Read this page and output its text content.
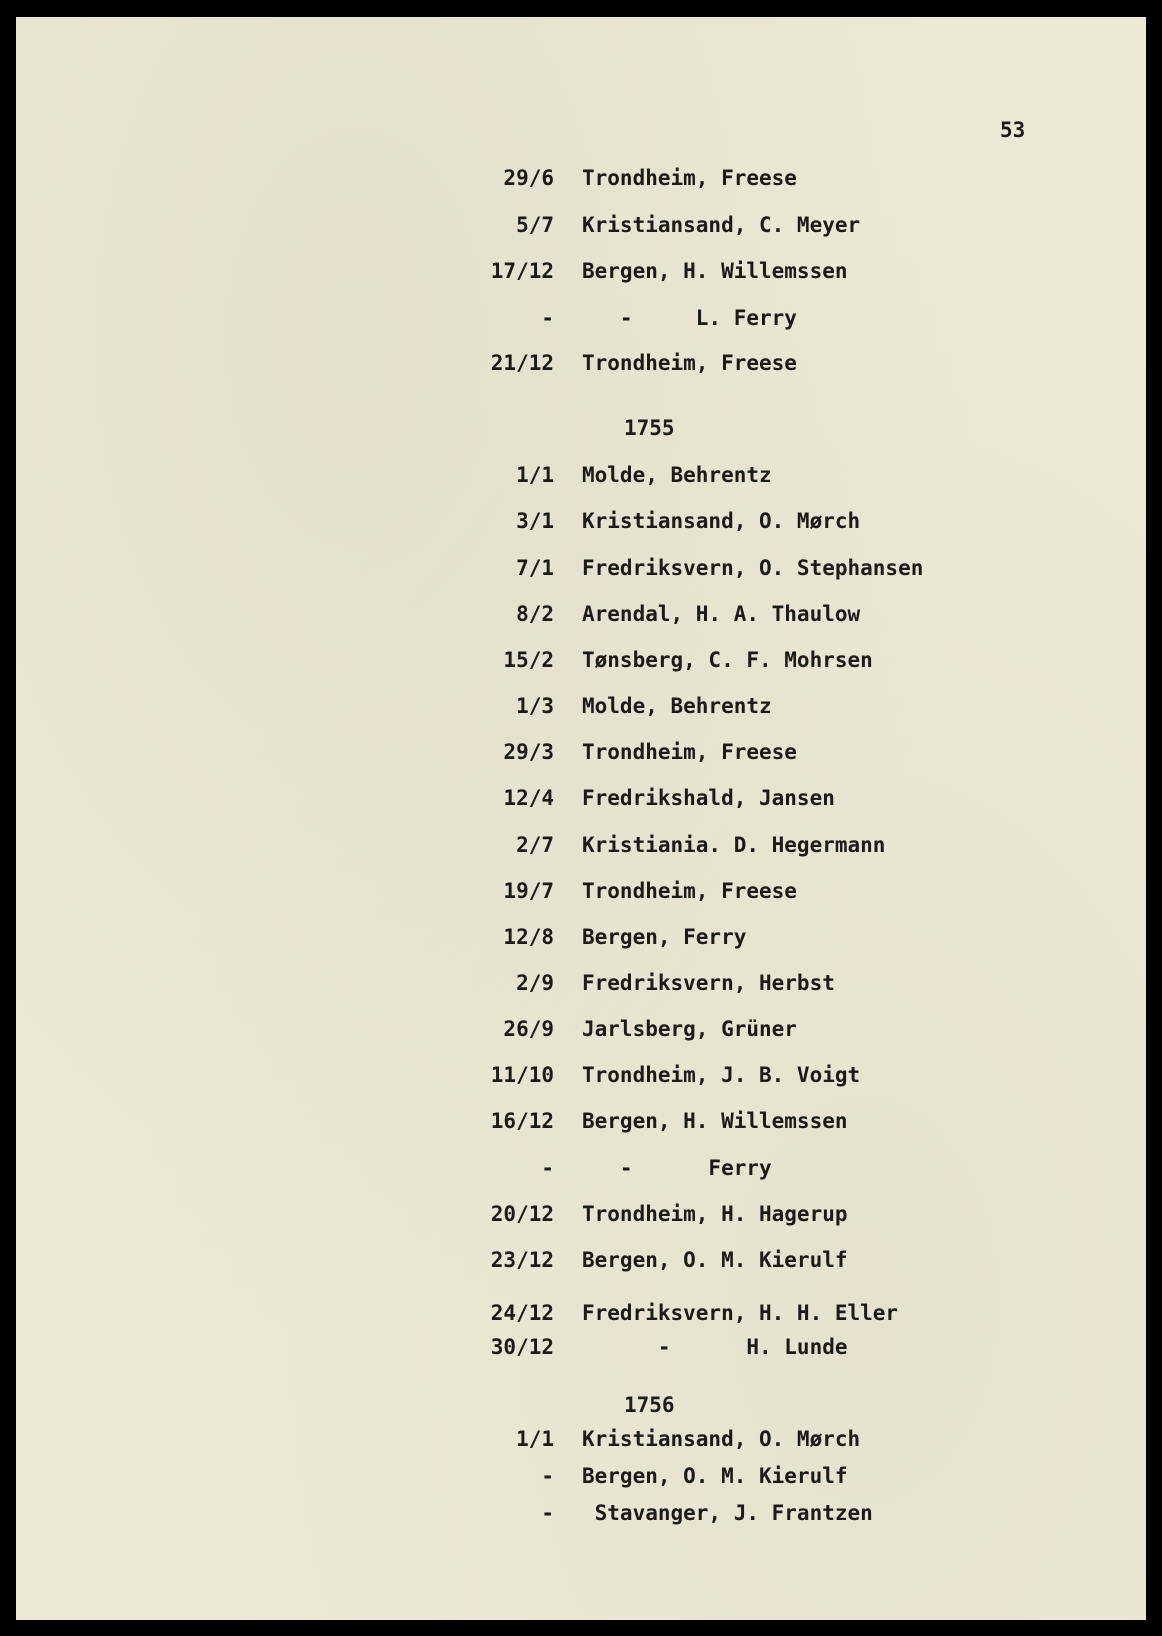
53
29/6 Trondheim, Freese
5/7 Kristiansand, C. Meyer
17/12 Bergen, H. Willemssen
- -     L. Ferry
21/12 Trondheim, Freese
1755
1/1 Molde, Behrentz
3/1 Kristiansand, O. Mørch
7/1 Fredriksvern, O. Stephansen
8/2 Arendal, H. A. Thaulow
15/2 Tønsberg, C. F. Mohrsen
1/3 Molde, Behrentz
29/3 Trondheim, Freese
12/4 Fredrikshald, Jansen
2/7 Kristiania. D. Hegermann
19/7 Trondheim, Freese
12/8 Bergen, Ferry
2/9 Fredriksvern, Herbst
26/9 Jarlsberg, Grüner
11/10 Trondheim, J. B. Voigt
16/12 Bergen, H. Willemssen
- -      Ferry
20/12 Trondheim, H. Hagerup
23/12 Bergen, O. M. Kierulf
24/12 Fredriksvern, H. H. Eller
30/12 -      H. Lunde
1756
1/1 Kristiansand, O. Mørch
- Bergen, O. M. Kierulf
- Stavanger, J. Frantzen
